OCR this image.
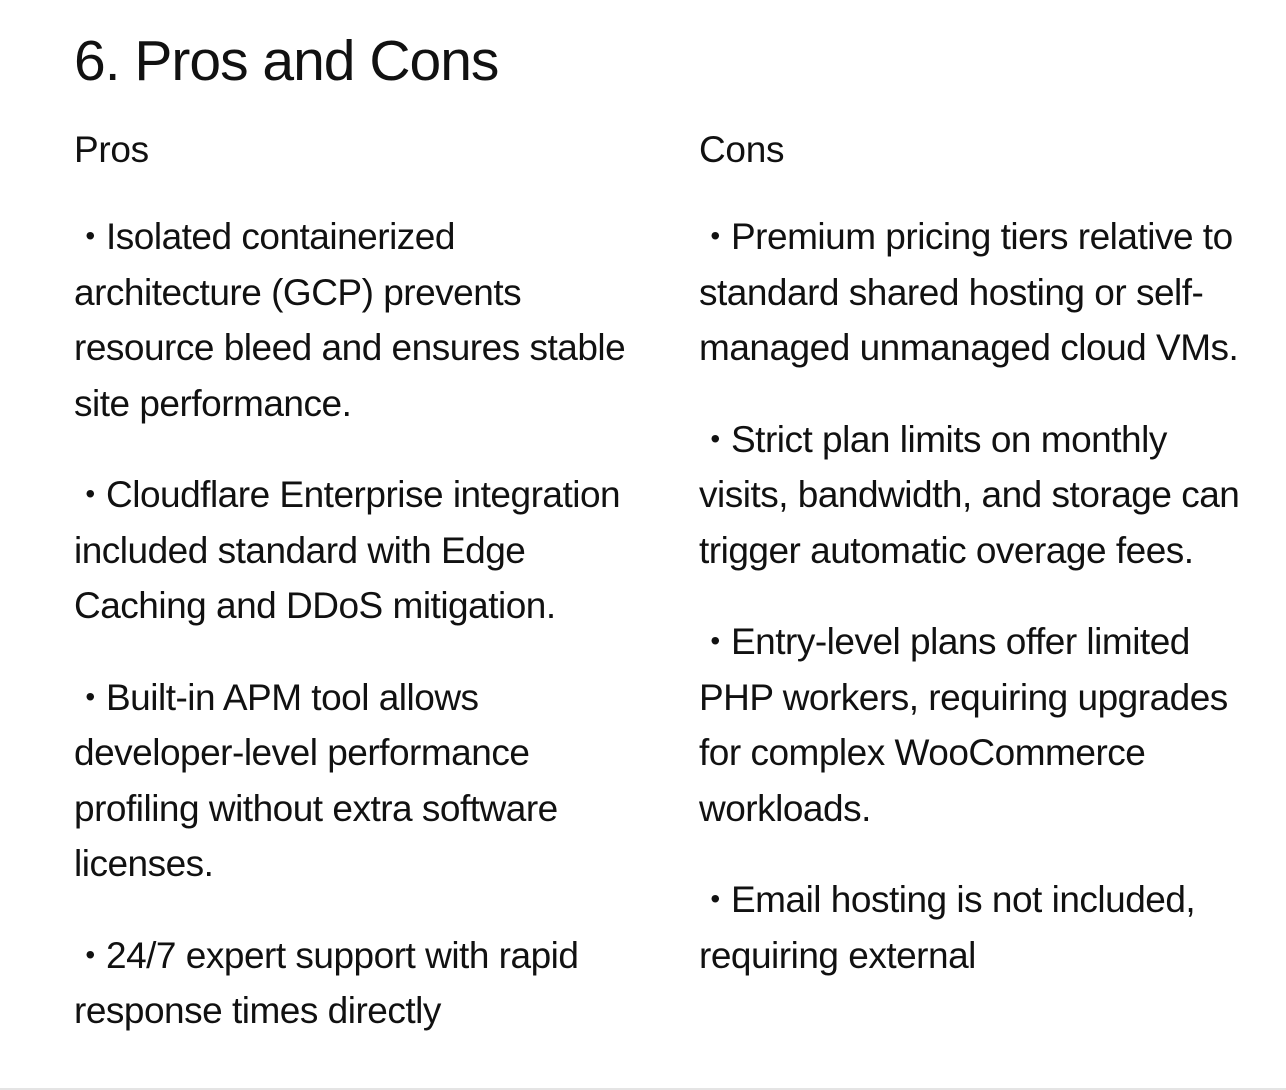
6. Pros and Cons
Pros
• Isolated containerized architecture (GCP) prevents resource bleed and ensures stable site performance.
• Cloudflare Enterprise integration included standard with Edge Caching and DDoS mitigation.
• Built-in APM tool allows developer-level performance profiling without extra software licenses.
• 24/7 expert support with rapid response times directly
Cons
• Premium pricing tiers relative to standard shared hosting or self-managed unmanaged cloud VMs.
• Strict plan limits on monthly visits, bandwidth, and storage can trigger automatic overage fees.
• Entry-level plans offer limited PHP workers, requiring upgrades for complex WooCommerce workloads.
• Email hosting is not included, requiring external
